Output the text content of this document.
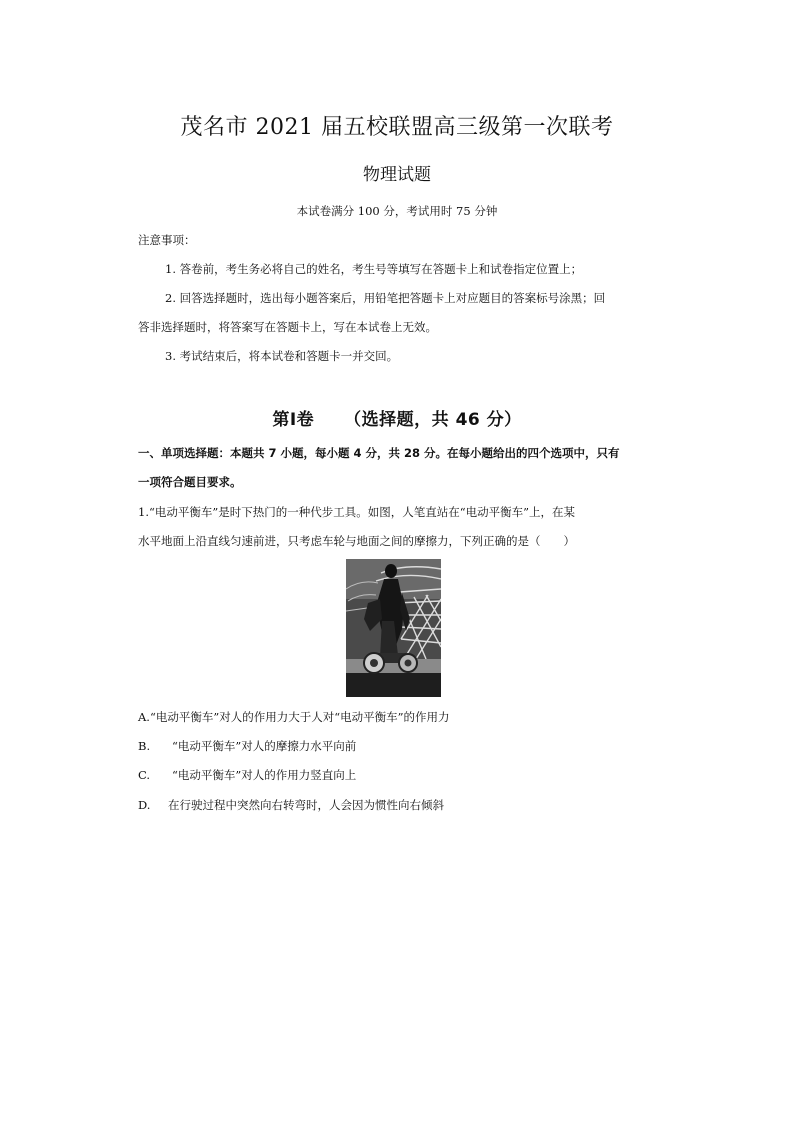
茂名市 2021 届五校联盟高三级第一次联考
物理试题
本试卷满分 100 分，考试用时 75 分钟
注意事项：
1. 答卷前，考生务必将自己的姓名，考生号等填写在答题卡上和试卷指定位置上；
2. 回答选择题时，选出每小题答案后，用铅笔把答题卡上对应题目的答案标号涂黑；回
答非选择题时，将答案写在答题卡上，写在本试卷上无效。
3. 考试结束后，将本试卷和答题卡一并交回。
第Ⅰ卷 （选择题，共 46 分）
一、单项选择题：本题共 7 小题，每小题 4 分，共 28 分。在每小题给出的四个选项中，只有
一项符合题目要求。
1.“电动平衡车”是时下热门的一种代步工具。如图，人笔直站在“电动平衡车”上，在某
水平地面上沿直线匀速前进，只考虑车轮与地面之间的摩擦力，下列正确的是（　　）
A.“电动平衡车”对人的作用力大于人对“电动平衡车”的作用力
B. “电动平衡车”对人的摩擦力水平向前
C. “电动平衡车”对人的作用力竖直向上
D. 在行驶过程中突然向右转弯时，人会因为惯性向右倾斜
